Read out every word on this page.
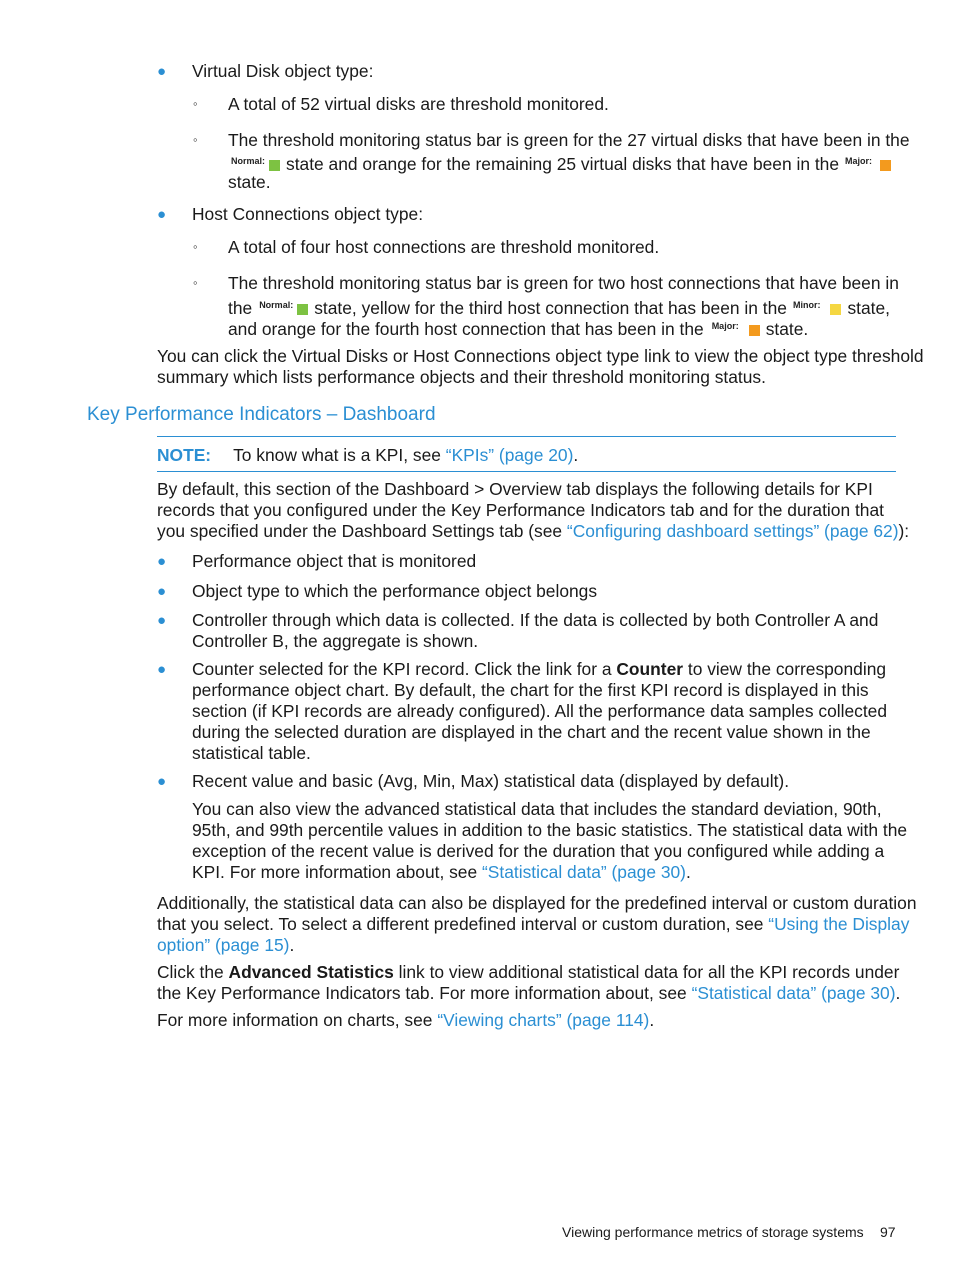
● Virtual Disk object type:
◦ A total of 52 virtual disks are threshold monitored.
◦ The threshold monitoring status bar is green for the 27 virtual disks that have been in the
$^{Normal:}$ state and orange for the remaining 25 virtual disks that have been in the $^{Major:}$
state.
● Host Connections object type:
◦ A total of four host connections are threshold monitored.
◦ The threshold monitoring status bar is green for two host connections that have been in
the $^{Normal:}$ state, yellow for the third host connection that has been in the $^{Minor:}$ state,
and orange for the fourth host connection that has been in the $^{Major:}$ state.
You can click the Virtual Disks or Host Connections object type link to view the object type threshold
summary which lists performance objects and their threshold monitoring status.
Key Performance Indicators – Dashboard
NOTE: To know what is a KPI, see “KPIs” (page 20).
By default, this section of the Dashboard > Overview tab displays the following details for KPI
records that you configured under the Key Performance Indicators tab and for the duration that
you specified under the Dashboard Settings tab (see “Configuring dashboard settings” (page 62)):
● Performance object that is monitored
● Object type to which the performance object belongs
● Controller through which data is collected. If the data is collected by both Controller A and
Controller B, the aggregate is shown.
● Counter selected for the KPI record. Click the link for a Counter to view the corresponding
performance object chart. By default, the chart for the first KPI record is displayed in this
section (if KPI records are already configured). All the performance data samples collected
during the selected duration are displayed in the chart and the recent value shown in the
statistical table.
● Recent value and basic (Avg, Min, Max) statistical data (displayed by default).
You can also view the advanced statistical data that includes the standard deviation, 90th,
95th, and 99th percentile values in addition to the basic statistics. The statistical data with the
exception of the recent value is derived for the duration that you configured while adding a
KPI. For more information about, see “Statistical data” (page 30).
Additionally, the statistical data can also be displayed for the predefined interval or custom duration
that you select. To select a different predefined interval or custom duration, see “Using the Display
option” (page 15).
Click the Advanced Statistics link to view additional statistical data for all the KPI records under
the Key Performance Indicators tab. For more information about, see “Statistical data” (page 30).
For more information on charts, see “Viewing charts” (page 114).
Viewing performance metrics of storage systems 97
